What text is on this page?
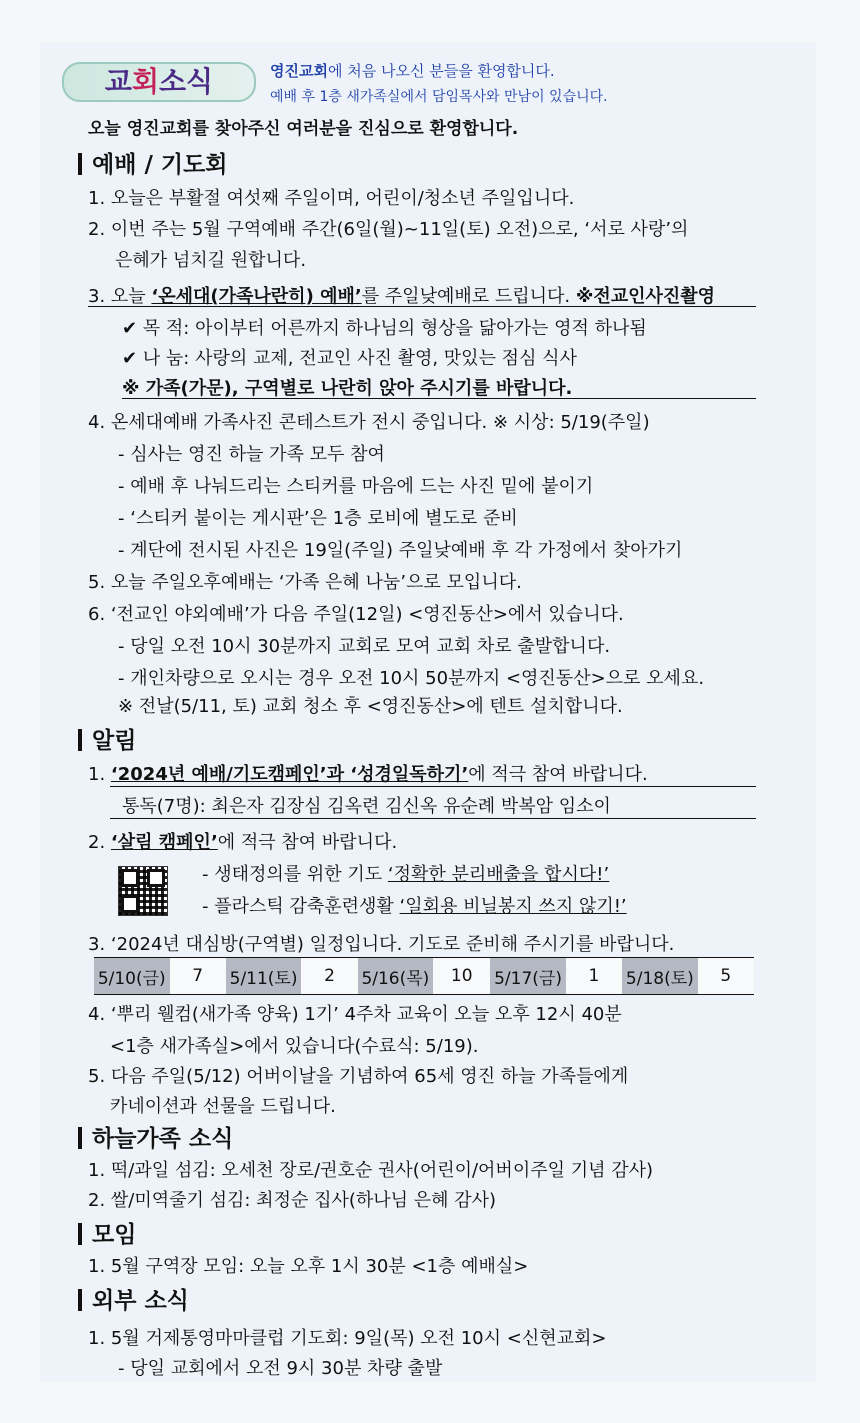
교회소식	영진교회에 처음 나오신 분들을 환영합니다.
예배 후 1층 새가족실에서 담임목사와 만남이 있습니다.
오늘 영진교회를 찾아주신 여러분을 진심으로 환영합니다.
예배 / 기도회
1. 오늘은 부활절 여섯째 주일이며, 어린이/청소년 주일입니다.
2. 이번 주는 5월 구역예배 주간(6일(월)~11일(토) 오전)으로, ‘서로 사랑’의
은혜가 넘치길 원합니다.
3. 오늘 ‘온세대(가족나란히) 예배’를 주일낮예배로 드립니다. ※전교인사진촬영
✔ 목 적: 아이부터 어른까지 하나님의 형상을 닮아가는 영적 하나됨
✔ 나 눔: 사랑의 교제, 전교인 사진 촬영, 맛있는 점심 식사
※ 가족(가문), 구역별로 나란히 앉아 주시기를 바랍니다.
4. 온세대예배 가족사진 콘테스트가 전시 중입니다. ※ 시상: 5/19(주일)
- 심사는 영진 하늘 가족 모두 참여
- 예배 후 나눠드리는 스티커를 마음에 드는 사진 밑에 붙이기
- ‘스티커 붙이는 게시판’은 1층 로비에 별도로 준비
- 계단에 전시된 사진은 19일(주일) 주일낮예배 후 각 가정에서 찾아가기
5. 오늘 주일오후예배는 ‘가족 은혜 나눔’으로 모입니다.
6. ‘전교인 야외예배’가 다음 주일(12일) <영진동산>에서 있습니다.
- 당일 오전 10시 30분까지 교회로 모여 교회 차로 출발합니다.
- 개인차량으로 오시는 경우 오전 10시 50분까지 <영진동산>으로 오세요.
※ 전날(5/11, 토) 교회 청소 후 <영진동산>에 텐트 설치합니다.
알림
1. ‘2024년 예배/기도캠페인’과 ‘성경일독하기’에 적극 참여 바랍니다.
통독(7명): 최은자 김장심 김옥련 김신옥 유순례 박복암 임소이
2. ‘살림 캠페인’에 적극 참여 바랍니다.
- 생태정의를 위한 기도 ‘정확한 분리배출을 합시다!’
- 플라스틱 감축훈련생활 ‘일회용 비닐봉지 쓰지 않기!’
3. ‘2024년 대심방(구역별) 일정입니다. 기도로 준비해 주시기를 바랍니다.
5/10(금)	7	5/11(토)	2	5/16(목)	10	5/17(금)	1	5/18(토)	5
4. ‘뿌리 웰컴(새가족 양육) 1기’ 4주차 교육이 오늘 오후 12시 40분
<1층 새가족실>에서 있습니다(수료식: 5/19).
5. 다음 주일(5/12) 어버이날을 기념하여 65세 영진 하늘 가족들에게
카네이션과 선물을 드립니다.
하늘가족 소식
1. 떡/과일 섬김: 오세천 장로/권호순 권사(어린이/어버이주일 기념 감사)
2. 쌀/미역줄기 섬김: 최정순 집사(하나님 은혜 감사)
모임
1. 5월 구역장 모임: 오늘 오후 1시 30분 <1층 예배실>
외부 소식
1. 5월 거제통영마마클럽 기도회: 9일(목) 오전 10시 <신현교회>
- 당일 교회에서 오전 9시 30분 차량 출발
